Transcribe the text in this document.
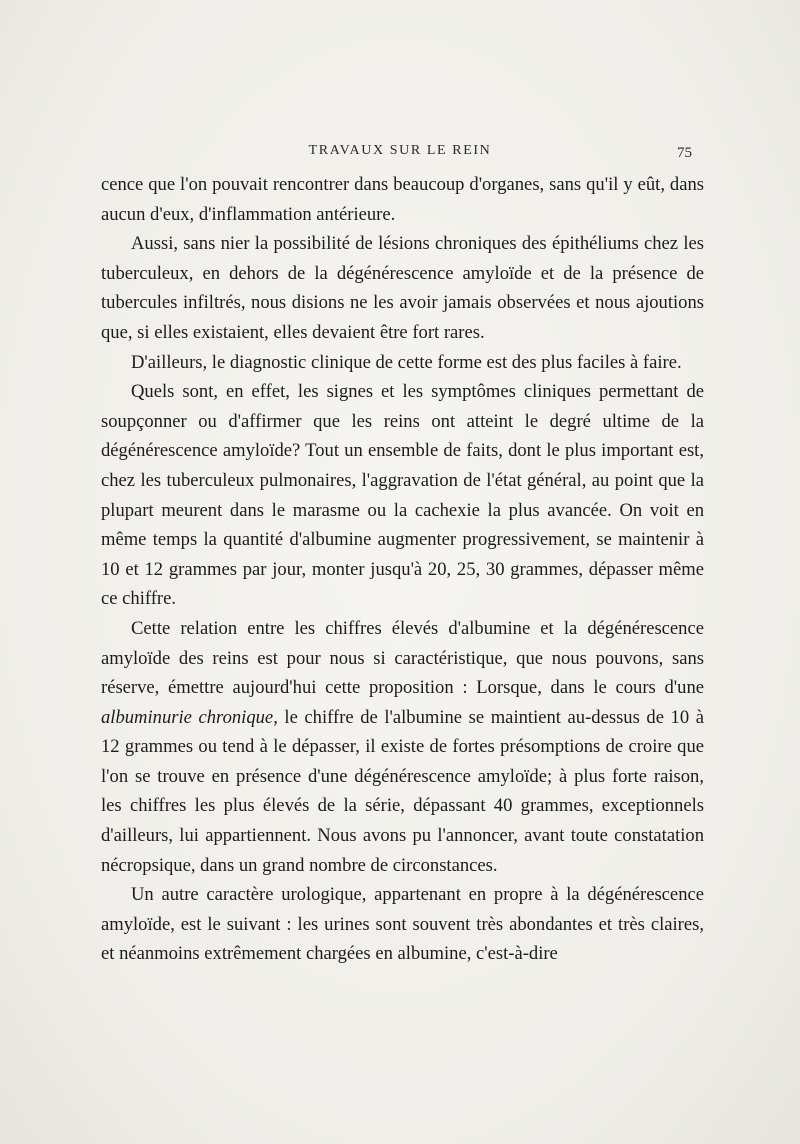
TRAVAUX SUR LE REIN	75

cence que l'on pouvait rencontrer dans beaucoup d'organes, sans qu'il y eût, dans aucun d'eux, d'inflammation antérieure.

Aussi, sans nier la possibilité de lésions chroniques des épithéliums chez les tuberculeux, en dehors de la dégénérescence amyloïde et de la présence de tubercules infiltrés, nous disions ne les avoir jamais observées et nous ajoutions que, si elles existaient, elles devaient être fort rares.

D'ailleurs, le diagnostic clinique de cette forme est des plus faciles à faire.

Quels sont, en effet, les signes et les symptômes cliniques permettant de soupçonner ou d'affirmer que les reins ont atteint le degré ultime de la dégénérescence amyloïde? Tout un ensemble de faits, dont le plus important est, chez les tuberculeux pulmonaires, l'aggravation de l'état général, au point que la plupart meurent dans le marasme ou la cachexie la plus avancée. On voit en même temps la quantité d'albumine augmenter progressivement, se maintenir à 10 et 12 grammes par jour, monter jusqu'à 20, 25, 30 grammes, dépasser même ce chiffre.

Cette relation entre les chiffres élevés d'albumine et la dégénérescence amyloïde des reins est pour nous si caractéristique, que nous pouvons, sans réserve, émettre aujourd'hui cette proposition : Lorsque, dans le cours d'une albuminurie chronique, le chiffre de l'albumine se maintient au-dessus de 10 à 12 grammes ou tend à le dépasser, il existe de fortes présomptions de croire que l'on se trouve en présence d'une dégénérescence amyloïde; à plus forte raison, les chiffres les plus élevés de la série, dépassant 40 grammes, exceptionnels d'ailleurs, lui appartiennent. Nous avons pu l'annoncer, avant toute constatation nécropsique, dans un grand nombre de circonstances.

Un autre caractère urologique, appartenant en propre à la dégénérescence amyloïde, est le suivant : les urines sont souvent très abondantes et très claires, et néanmoins extrêmement chargées en albumine, c'est-à-dire
